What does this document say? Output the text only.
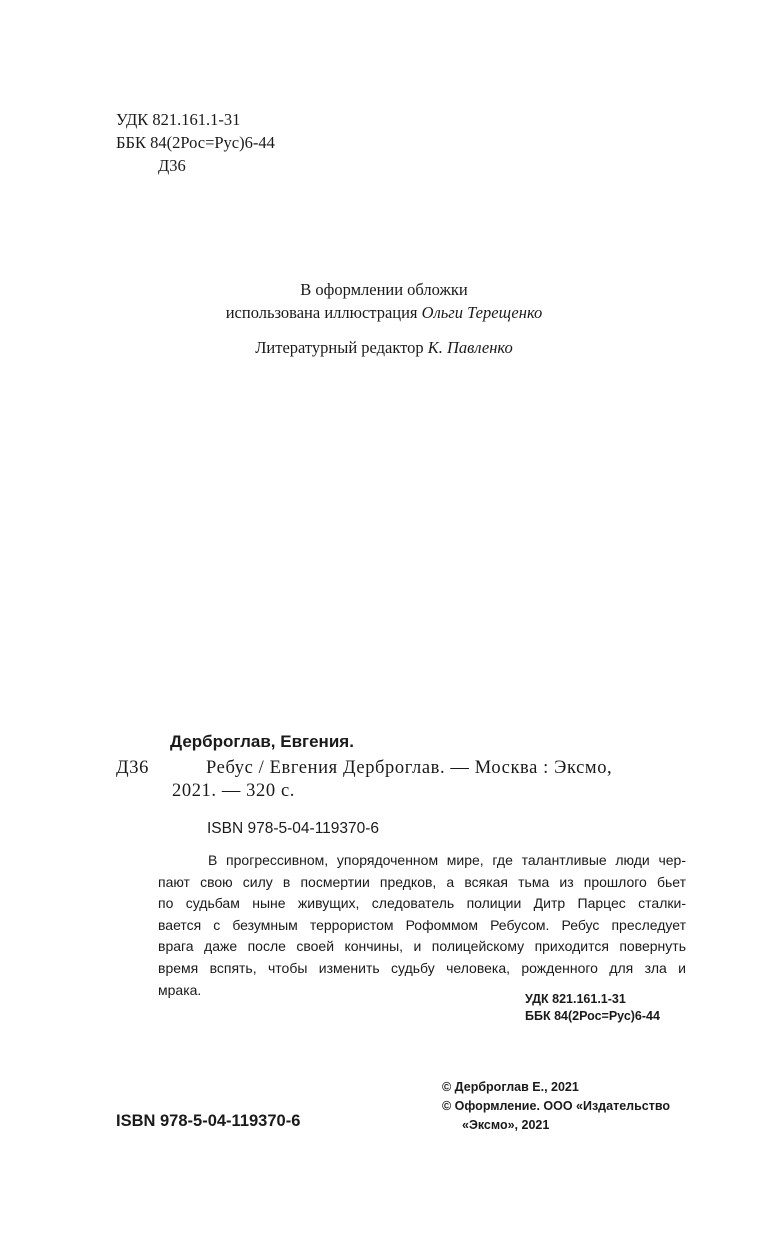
УДК 821.161.1-31
ББК 84(2Рос=Рус)6-44
Д36
В оформлении обложки
использована иллюстрация Ольги Терещенко
Литературный редактор К. Павленко
Дерброглав, Евгения.
Д36	Ребус / Евгения Дерброглав. — Москва : Эксмо,
2021. — 320 с.
ISBN 978-5-04-119370-6
В прогрессивном, упорядоченном мире, где талантливые люди чер-
пают свою силу в посмертии предков, а всякая тьма из прошлого бьет
по судьбам ныне живущих, следователь полиции Дитр Парцес сталки-
вается с безумным террористом Рофоммом Ребусом. Ребус преследует
врага даже после своей кончины, и полицейскому приходится повернуть
время вспять, чтобы изменить судьбу человека, рожденного для зла и
мрака.
УДК 821.161.1-31
ББК 84(2Рос=Рус)6-44
© Дерброглав Е., 2021
© Оформление. ООО «Издательство
«Эксмо», 2021
ISBN 978-5-04-119370-6
